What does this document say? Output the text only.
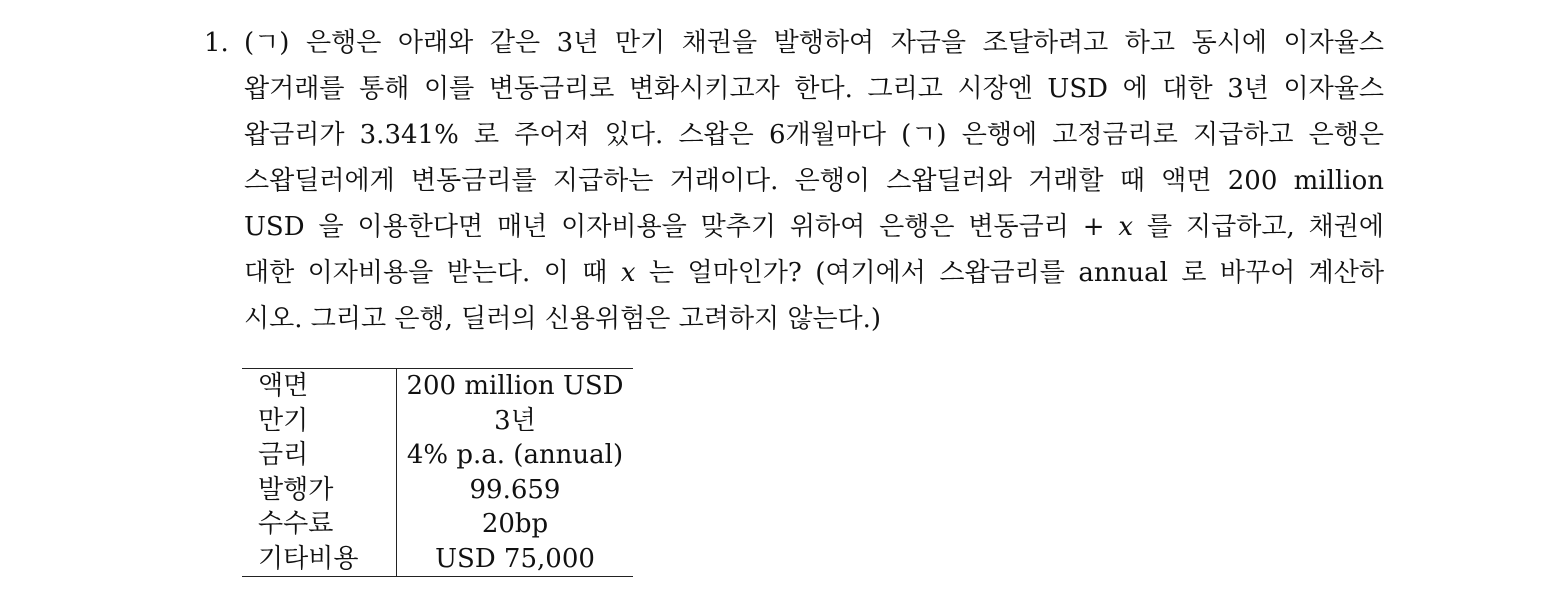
1. (ㄱ) 은행은 아래와 같은 3년 만기 채권을 발행하여 자금을 조달하려고 하고 동시에 이자율스
왑거래를 통해 이를 변동금리로 변화시키고자 한다. 그리고 시장엔 USD 에 대한 3년 이자율스
왑금리가 3.341% 로 주어져 있다. 스왑은 6개월마다 (ㄱ) 은행에 고정금리로 지급하고 은행은
스왑딜러에게 변동금리를 지급하는 거래이다. 은행이 스왑딜러와 거래할 때 액면 200 million
USD 을 이용한다면 매년 이자비용을 맞추기 위하여 은행은 변동금리 + x 를 지급하고, 채권에
대한 이자비용을 받는다. 이 때 x 는 얼마인가? (여기에서 스왑금리를 annual 로 바꾸어 계산하
시오. 그리고 은행, 딜러의 신용위험은 고려하지 않는다.)
액면	200 million USD
만기	3년
금리	4% p.a. (annual)
발행가	99.659
수수료	20bp
기타비용	USD 75,000
